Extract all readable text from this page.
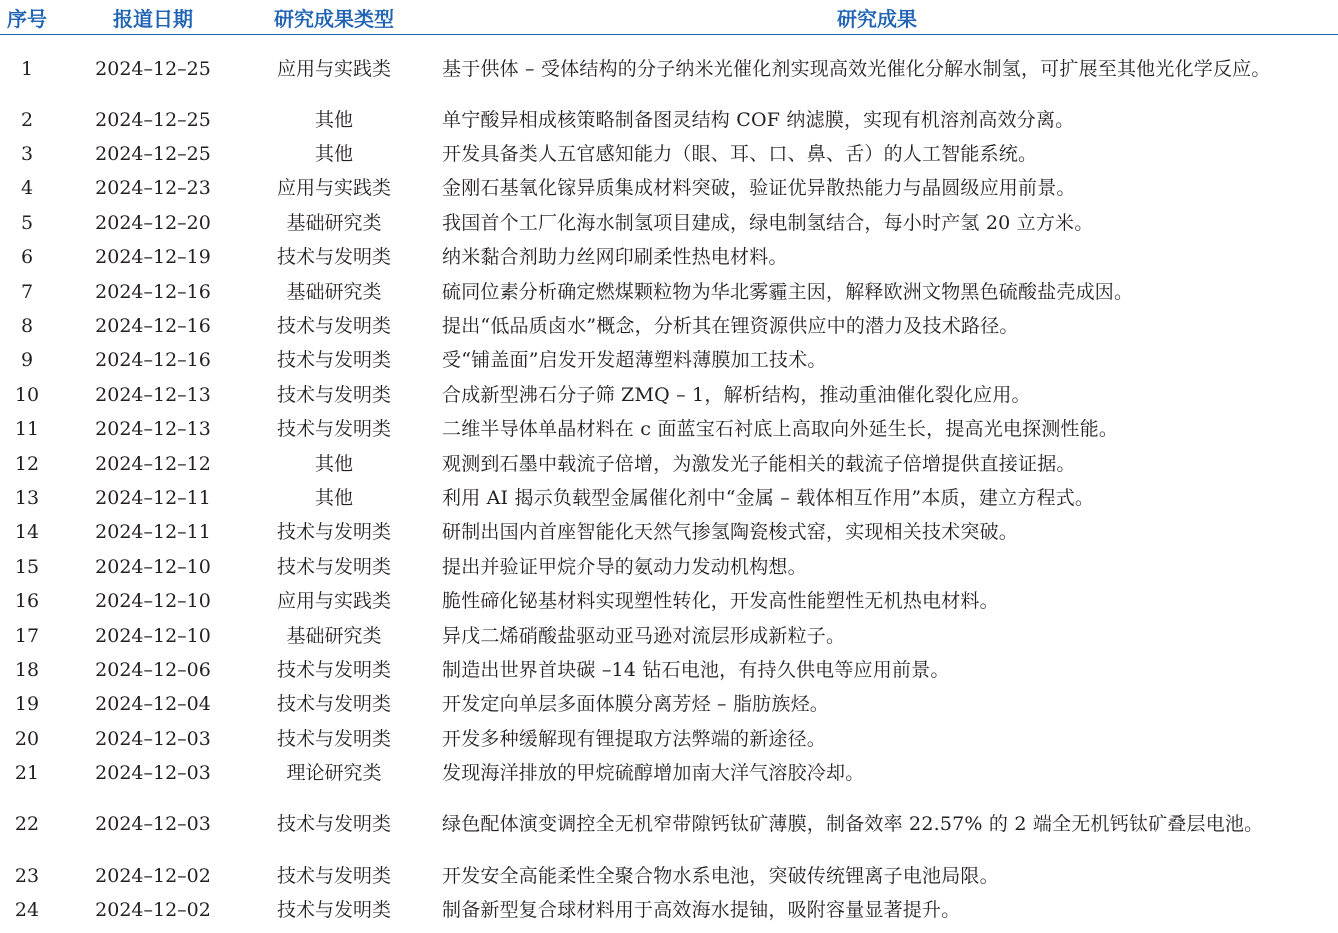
序号	报道日期	研究成果类型	研究成果
1	2024–12–25	应用与实践类	基于供体 – 受体结构的分子纳米光催化剂实现高效光催化分解水制氢，可扩展至其他光化学反应。
2	2024–12–25	其他	单宁酸异相成核策略制备图灵结构 COF 纳滤膜，实现有机溶剂高效分离。
3	2024–12–25	其他	开发具备类人五官感知能力（眼、耳、口、鼻、舌）的人工智能系统。
4	2024–12–23	应用与实践类	金刚石基氧化镓异质集成材料突破，验证优异散热能力与晶圆级应用前景。
5	2024–12–20	基础研究类	我国首个工厂化海水制氢项目建成，绿电制氢结合，每小时产氢 20 立方米。
6	2024–12–19	技术与发明类	纳米黏合剂助力丝网印刷柔性热电材料。
7	2024–12–16	基础研究类	硫同位素分析确定燃煤颗粒物为华北雾霾主因，解释欧洲文物黑色硫酸盐壳成因。
8	2024–12–16	技术与发明类	提出“低品质卤水”概念，分析其在锂资源供应中的潜力及技术路径。
9	2024–12–16	技术与发明类	受“铺盖面”启发开发超薄塑料薄膜加工技术。
10	2024–12–13	技术与发明类	合成新型沸石分子筛 ZMQ – 1，解析结构，推动重油催化裂化应用。
11	2024–12–13	技术与发明类	二维半导体单晶材料在 c 面蓝宝石衬底上高取向外延生长，提高光电探测性能。
12	2024–12–12	其他	观测到石墨中载流子倍增，为激发光子能相关的载流子倍增提供直接证据。
13	2024–12–11	其他	利用 AI 揭示负载型金属催化剂中“金属 – 载体相互作用”本质，建立方程式。
14	2024–12–11	技术与发明类	研制出国内首座智能化天然气掺氢陶瓷梭式窑，实现相关技术突破。
15	2024–12–10	技术与发明类	提出并验证甲烷介导的氨动力发动机构想。
16	2024–12–10	应用与实践类	脆性碲化铋基材料实现塑性转化，开发高性能塑性无机热电材料。
17	2024–12–10	基础研究类	异戊二烯硝酸盐驱动亚马逊对流层形成新粒子。
18	2024–12–06	技术与发明类	制造出世界首块碳 –14 钻石电池，有持久供电等应用前景。
19	2024–12–04	技术与发明类	开发定向单层多面体膜分离芳烃 – 脂肪族烃。
20	2024–12–03	技术与发明类	开发多种缓解现有锂提取方法弊端的新途径。
21	2024–12–03	理论研究类	发现海洋排放的甲烷硫醇增加南大洋气溶胶冷却。
22	2024–12–03	技术与发明类	绿色配体演变调控全无机窄带隙钙钛矿薄膜，制备效率 22.57% 的 2 端全无机钙钛矿叠层电池。
23	2024–12–02	技术与发明类	开发安全高能柔性全聚合物水系电池，突破传统锂离子电池局限。
24	2024–12–02	技术与发明类	制备新型复合球材料用于高效海水提铀，吸附容量显著提升。
